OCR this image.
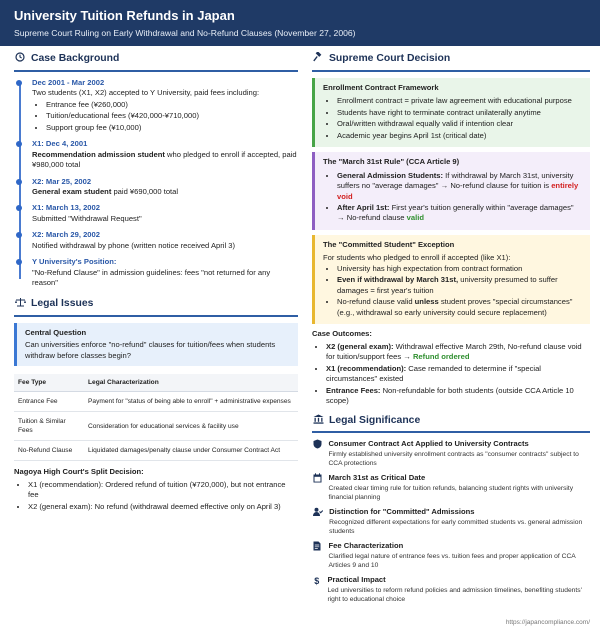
University Tuition Refunds in Japan
Supreme Court Ruling on Early Withdrawal and No-Refund Clauses (November 27, 2006)
Case Background
Dec 2001 - Mar 2002
Two students (X1, X2) accepted to Y University, paid fees including:
• Entrance fee (¥260,000)
• Tuition/educational fees (¥420,000-¥710,000)
• Support group fee (¥10,000)
X1: Dec 4, 2001
Recommendation admission student who pledged to enroll if accepted, paid ¥980,000 total
X2: Mar 25, 2002
General exam student paid ¥690,000 total
X1: March 13, 2002
Submitted "Withdrawal Request"
X2: March 29, 2002
Notified withdrawal by phone (written notice received April 3)
Y University's Position:
"No-Refund Clause" in admission guidelines: fees "not returned for any reason"
Legal Issues
Central Question
Can universities enforce "no-refund" clauses for tuition/fees when students withdraw before classes begin?
Fee Type	Legal Characterization
Entrance Fee	Payment for "status of being able to enroll" + administrative expenses
Tuition & Similar Fees	Consideration for educational services & facility use
No-Refund Clause	Liquidated damages/penalty clause under Consumer Contract Act
Nagoya High Court's Split Decision:
• X1 (recommendation): Ordered refund of tuition (¥720,000), but not entrance fee
• X2 (general exam): No refund (withdrawal deemed effective only on April 3)
Supreme Court Decision
Enrollment Contract Framework
• Enrollment contract = private law agreement with educational purpose
• Students have right to terminate contract unilaterally anytime
• Oral/written withdrawal equally valid if intention clear
• Academic year begins April 1st (critical date)
The "March 31st Rule" (CCA Article 9)
• General Admission Students: If withdrawal by March 31st, university suffers no "average damages" → No-refund clause for tuition is entirely void
• After April 1st: First year's tuition generally within "average damages" → No-refund clause valid
The "Committed Student" Exception
For students who pledged to enroll if accepted (like X1):
• University has high expectation from contract formation
• Even if withdrawal by March 31st, university presumed to suffer damages = first year's tuition
• No-refund clause valid unless student proves "special circumstances" (e.g., withdrawal so early university could secure replacement)
Case Outcomes:
• X2 (general exam): Withdrawal effective March 29th, No-refund clause void for tuition/support fees → Refund ordered
• X1 (recommendation): Case remanded to determine if "special circumstances" existed
• Entrance Fees: Non-refundable for both students (outside CCA Article 10 scope)
Legal Significance
Consumer Contract Act Applied to University Contracts
Firmly established university enrollment contracts as "consumer contracts" subject to CCA protections
March 31st as Critical Date
Created clear timing rule for tuition refunds, balancing student rights with university financial planning
Distinction for "Committed" Admissions
Recognized different expectations for early committed students vs. general admission students
Fee Characterization
Clarified legal nature of entrance fees vs. tuition fees and proper application of CCA Articles 9 and 10
$ Practical Impact
Led universities to reform refund policies and admission timelines, benefiting students' right to educational choice
https://japancompliance.com/
